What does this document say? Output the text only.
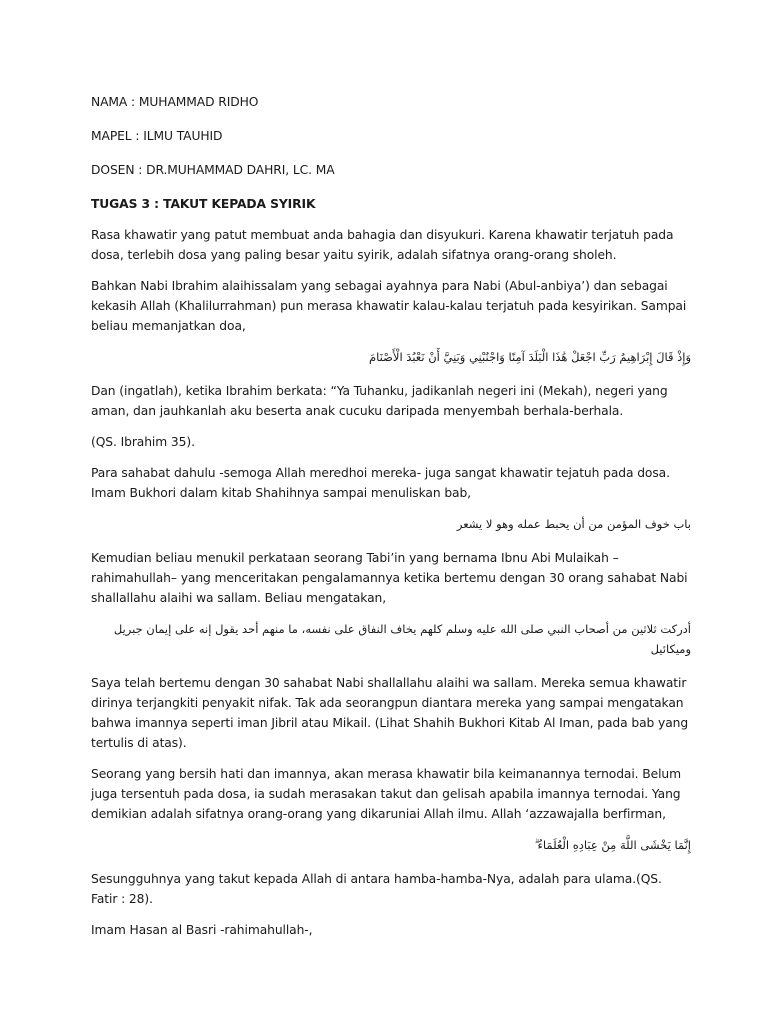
NAMA : MUHAMMAD RIDHO

MAPEL : ILMU TAUHID

DOSEN : DR.MUHAMMAD DAHRI, LC. MA

TUGAS 3 : TAKUT KEPADA SYIRIK

Rasa khawatir yang patut membuat anda bahagia dan disyukuri. Karena khawatir terjatuh pada dosa, terlebih dosa yang paling besar yaitu syirik, adalah sifatnya orang-orang sholeh.

Bahkan Nabi Ibrahim alaihissalam yang sebagai ayahnya para Nabi (Abul-anbiya’) dan sebagai kekasih Allah (Khalilurrahman) pun merasa khawatir kalau-kalau terjatuh pada kesyirikan. Sampai beliau memanjatkan doa,

وَإِذْ قَالَ إِبْرَاهِيمُ رَبِّ اجْعَلْ هَٰذَا الْبَلَدَ آمِنًا وَاجْنُبْنِي وَبَنِيَّ أَنْ نَعْبُدَ الْأَصْنَامَ

Dan (ingatlah), ketika Ibrahim berkata: “Ya Tuhanku, jadikanlah negeri ini (Mekah), negeri yang aman, dan jauhkanlah aku beserta anak cucuku daripada menyembah berhala-berhala.

(QS. Ibrahim 35).

Para sahabat dahulu -semoga Allah meredhoi mereka- juga sangat khawatir tejatuh pada dosa. Imam Bukhori dalam kitab Shahihnya sampai menuliskan bab,

باب خوف المؤمن من أن يحبط عمله وهو لا يشعر

Kemudian beliau menukil perkataan seorang Tabi’in yang bernama Ibnu Abi Mulaikah –rahimahullah– yang menceritakan pengalamannya ketika bertemu dengan 30 orang sahabat Nabi shallallahu alaihi wa sallam. Beliau mengatakan,

أدركت ثلاثين من أصحاب النبي صلى الله عليه وسلم كلهم يخاف النفاق على نفسه، ما منهم أحد يقول إنه على إيمان جبريل وميكائيل

Saya telah bertemu dengan 30 sahabat Nabi shallallahu alaihi wa sallam. Mereka semua khawatir dirinya terjangkiti penyakit nifak. Tak ada seorangpun diantara mereka yang sampai mengatakan bahwa imannya seperti iman Jibril atau Mikail. (Lihat Shahih Bukhori Kitab Al Iman, pada bab yang tertulis di atas).

Seorang yang bersih hati dan imannya, akan merasa khawatir bila keimanannya ternodai. Belum juga tersentuh pada dosa, ia sudah merasakan takut dan gelisah apabila imannya ternodai. Yang demikian adalah sifatnya orang-orang yang dikaruniai Allah ilmu. Allah ‘azzawajalla berfirman,

إِنَّمَا يَخْشَى اللَّهَ مِنْ عِبَادِهِ الْعُلَمَاءُ ۗ

Sesungguhnya yang takut kepada Allah di antara hamba-hamba-Nya, adalah para ulama.(QS. Fatir : 28).

Imam Hasan al Basri -rahimahullah-,
